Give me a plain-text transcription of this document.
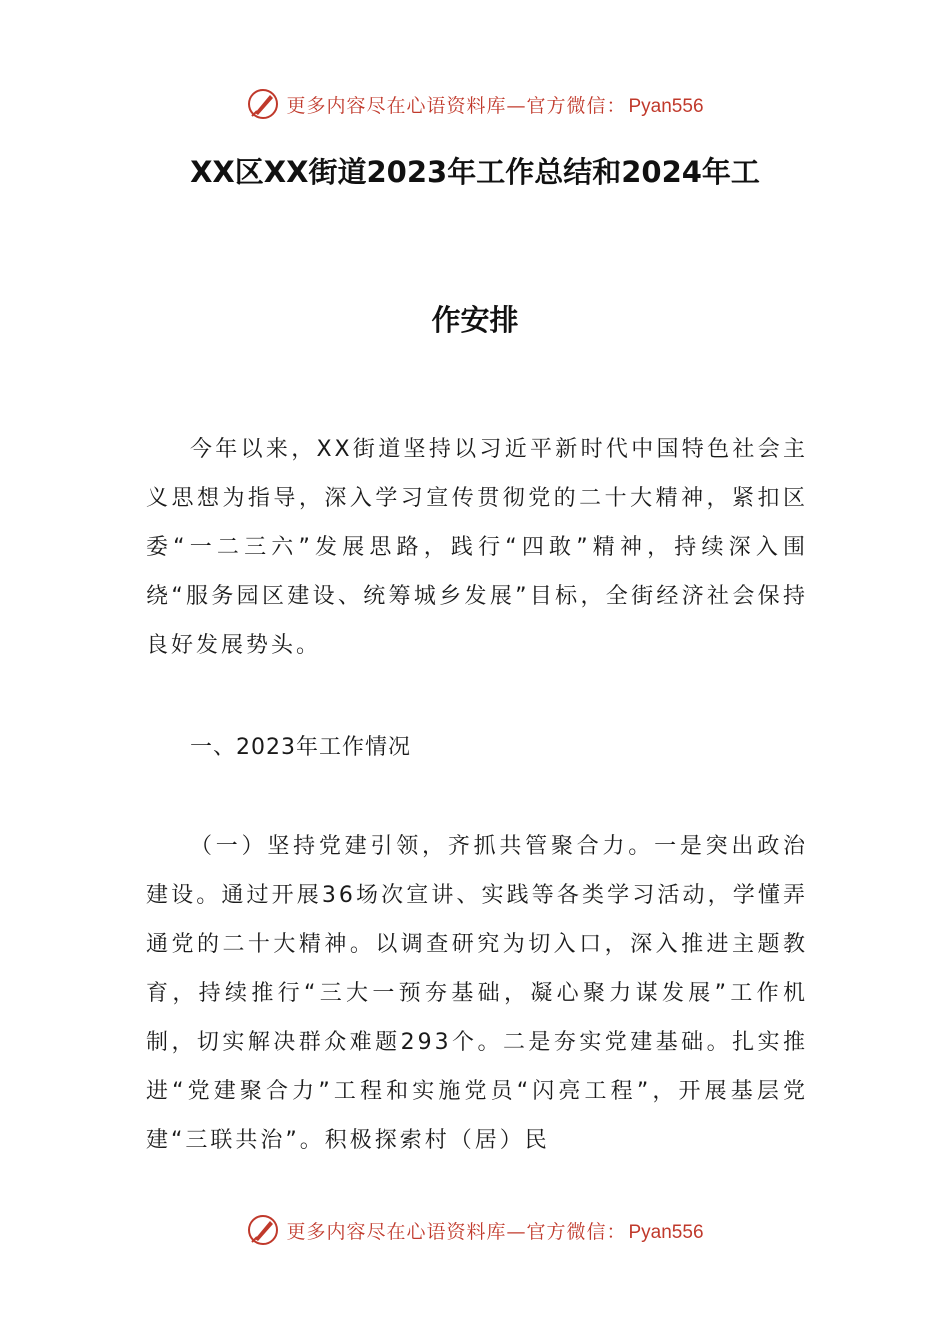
更多内容尽在心语资料库—官方微信： Pyan556
XX区XX街道2023年工作总结和2024年工
作安排

今年以来，XX街道坚持以习近平新时代中国特色社会主义思想为指导，深入学习宣传贯彻党的二十大精神，紧扣区委“一二三六”发展思路，践行“四敢”精神，持续深入围绕“服务园区建设、统筹城乡发展”目标，全街经济社会保持良好发展势头。

一、2023年工作情况

（一）坚持党建引领，齐抓共管聚合力。一是突出政治建设。通过开展36场次宣讲、实践等各类学习活动，学懂弄通党的二十大精神。以调查研究为切入口，深入推进主题教育，持续推行“三大一预夯基础，凝心聚力谋发展”工作机制，切实解决群众难题293个。二是夯实党建基础。扎实推进“党建聚合力”工程和实施党员“闪亮工程”，开展基层党建“三联共治”。积极探索村（居）民

更多内容尽在心语资料库—官方微信： Pyan556
